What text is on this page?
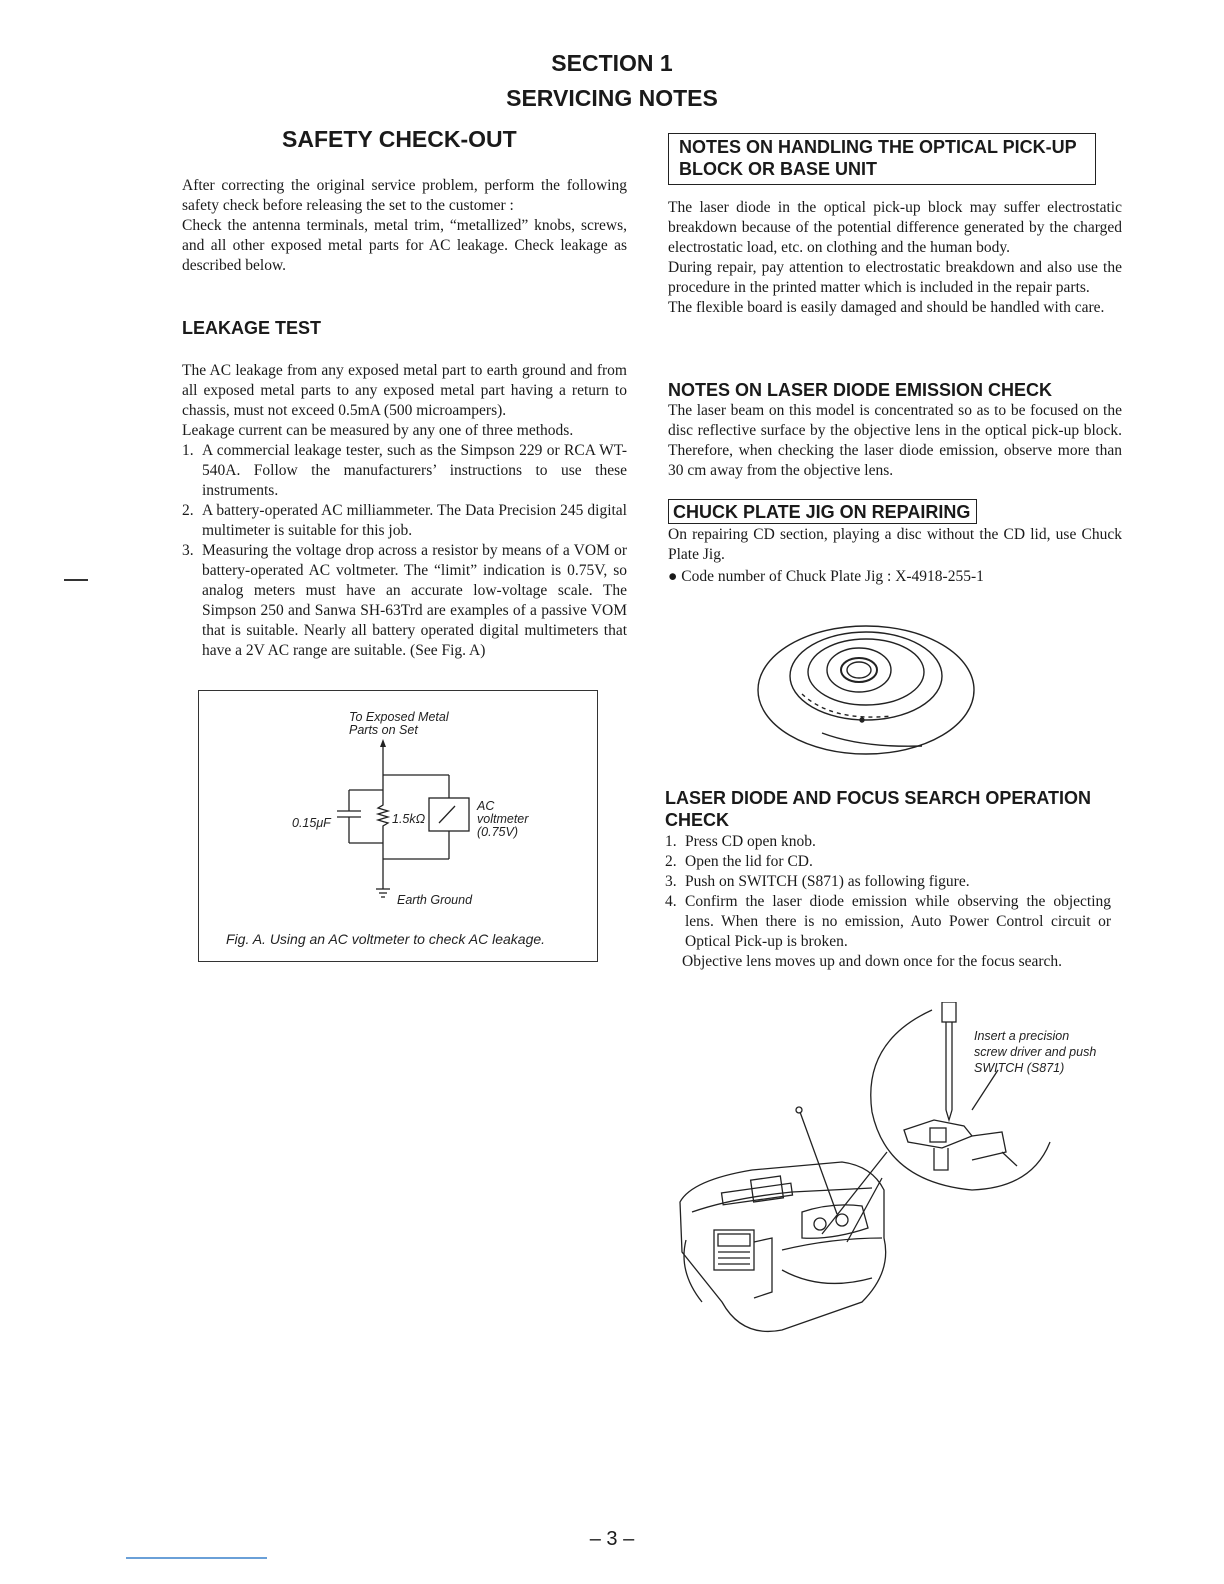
SECTION 1
SERVICING NOTES
SAFETY CHECK-OUT

After correcting the original service problem, perform the following safety check before releasing the set to the customer :

Check the antenna terminals, metal trim, “metallized” knobs, screws, and all other exposed metal parts for AC leakage. Check leakage as described below.

LEAKAGE TEST

The AC leakage from any exposed metal part to earth ground and from all exposed metal parts to any exposed metal part having a return to chassis, must not exceed 0.5mA (500 microampers).

Leakage current can be measured by any one of three methods.

1. A commercial leakage tester, such as the Simpson 229 or RCA WT-540A. Follow the manufacturers’ instructions to use these instruments.
2. A battery-operated AC milliammeter. The Data Precision 245 digital multimeter is suitable for this job.
3. Measuring the voltage drop across a resistor by means of a VOM or battery-operated AC voltmeter. The “limit” indication is 0.75V, so analog meters must have an accurate low-voltage scale. The Simpson 250 and Sanwa SH-63Trd are examples of a passive VOM that is suitable. Nearly all battery operated digital multimeters that have a 2V AC range are suitable. (See Fig. A)
To Exposed Metal
Parts on Set
0.15μF	1.5kΩ
AC
voltmeter
(0.75V)
Earth Ground
Fig. A. Using an AC voltmeter to check AC leakage.
NOTES ON HANDLING THE OPTICAL PICK-UP
BLOCK OR BASE UNIT

The laser diode in the optical pick-up block may suffer electrostatic breakdown because of the potential difference generated by the charged electrostatic load, etc. on clothing and the human body.

During repair, pay attention to electrostatic breakdown and also use the procedure in the printed matter which is included in the repair parts.

The flexible board is easily damaged and should be handled with care.

NOTES ON LASER DIODE EMISSION CHECK

The laser beam on this model is concentrated so as to be focused on the disc reflective surface by the objective lens in the optical pick-up block. Therefore, when checking the laser diode emission, observe more than 30 cm away from the objective lens.

CHUCK PLATE JIG ON REPAIRING

On repairing CD section, playing a disc without the CD lid, use Chuck Plate Jig.

● Code number of Chuck Plate Jig : X-4918-255-1

LASER DIODE AND FOCUS SEARCH OPERATION
CHECK
1. Press CD open knob.
2. Open the lid for CD.
3. Push on SWITCH (S871) as following figure.
4. Confirm the laser diode emission while observing the objecting lens. When there is no emission, Auto Power Control circuit or Optical Pick-up is broken.

Objective lens moves up and down once for the focus search.

Insert a precision
screw driver and push
SWITCH (S871)
– 3 –
